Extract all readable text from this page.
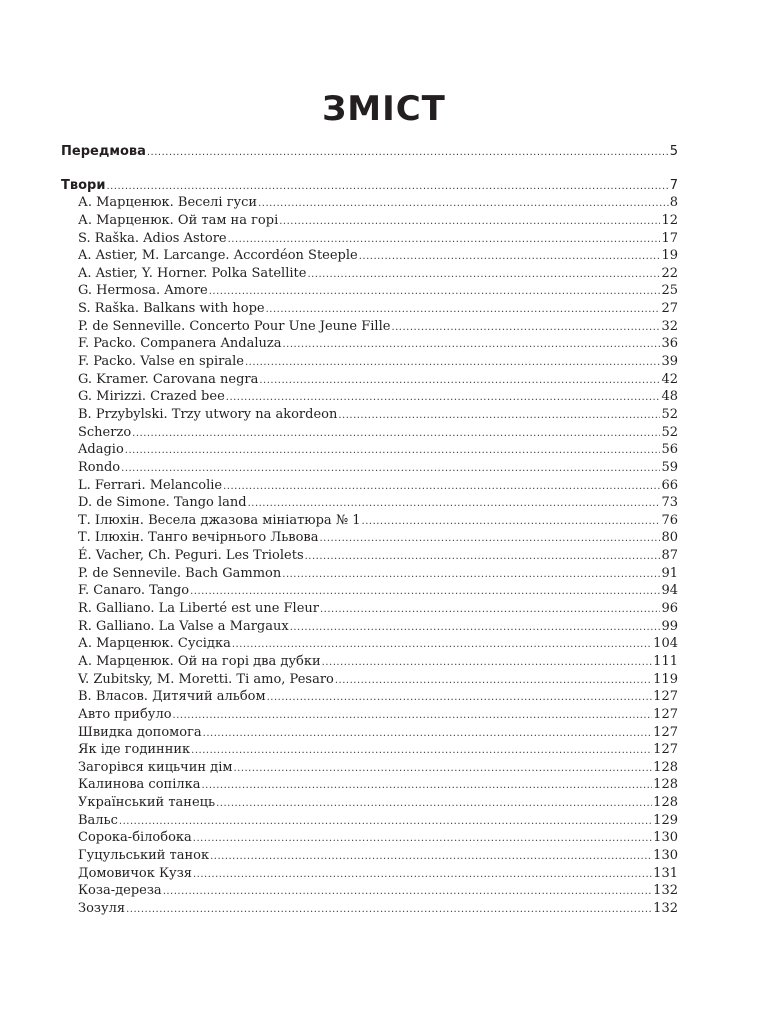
ЗМІСТ
Передмова .....	5
Твори .....	7
А. Марценюк. Веселі гуси .....	8
А. Марценюк. Ой там на горі .....	12
S. Raška. Adios Astore .....	17
A. Astier, M. Larcange. Accordéon Steeple .....	19
A. Astier, Y. Horner. Polka Satellite .....	22
G. Hermosa. Amore .....	25
S. Raška. Balkans with hope .....	27
P. de Senneville. Concerto Pour Une Jeune Fille .....	32
F. Packo. Companera Andaluza .....	36
F. Packo. Valse en spirale .....	39
G. Kramer. Carovana negra .....	42
G. Mirizzi. Crazed bee .....	48
B. Przybylski. Trzy utwory na akordeon .....	52
Scherzo .....	52
Adagio .....	56
Rondo .....	59
L. Ferrari. Melancolie .....	66
D. de Simone. Tango land .....	73
Т. Ілюхін. Весела джазова мініатюра № 1 .....	76
Т. Ілюхін. Танго вечірнього Львова .....	80
É. Vacher, Ch. Peguri. Les Triolets .....	87
P. de Sennevile. Bach Gammon .....	91
F. Canaro. Tango .....	94
R. Galliano. La Liberté est une Fleur .....	96
R. Galliano. La Valse a Margaux .....	99
А. Марценюк. Сусідка .....	104
А. Марценюк. Ой на горі два дубки .....	111
V. Zubitsky, M. Moretti. Ti amo, Pesaro .....	119
В. Власов. Дитячий альбом .....	127
Авто прибуло .....	127
Швидка допомога .....	127
Як іде годинник .....	127
Загорівся кицьчин дім .....	128
Калинова сопілка .....	128
Український танець .....	128
Вальс .....	129
Сорока-білобока .....	130
Гуцульський танок .....	130
Домовичок Кузя .....	131
Коза-дереза .....	132
Зозуля .....	132
